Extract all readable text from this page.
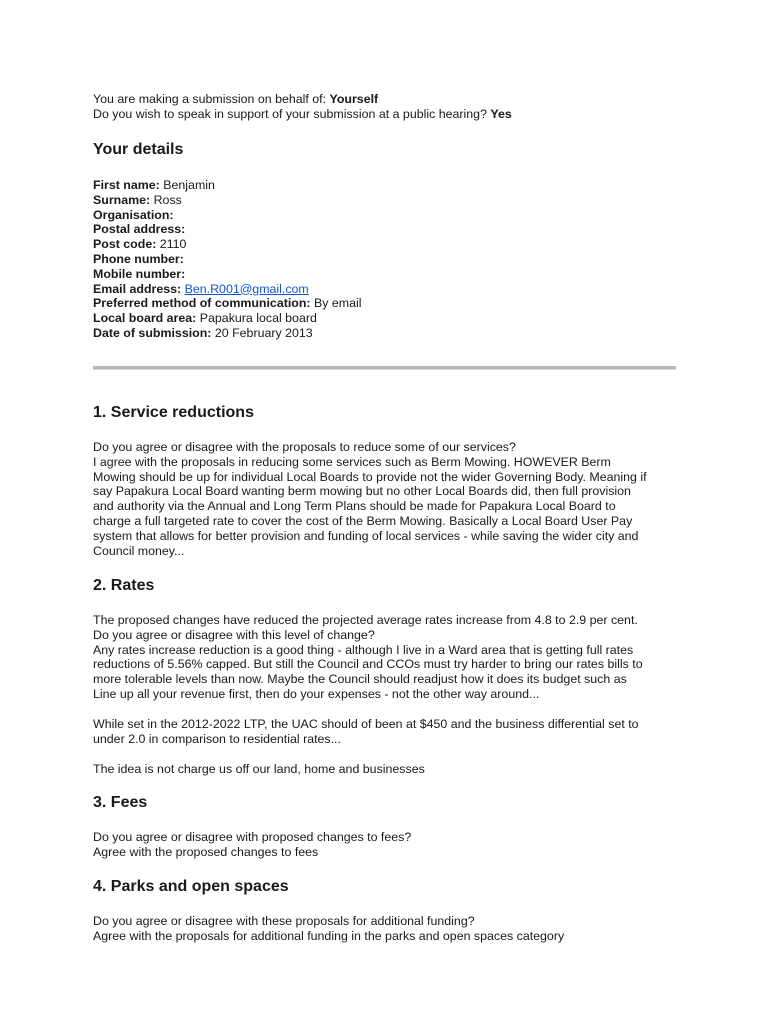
You are making a submission on behalf of: Yourself
Do you wish to speak in support of your submission at a public hearing? Yes
Your details
First name: Benjamin
Surname: Ross
Organisation:
Postal address:
Post code: 2110
Phone number:
Mobile number:
Email address: Ben.R001@gmail.com
Preferred method of communication: By email
Local board area: Papakura local board
Date of submission: 20 February 2013
1. Service reductions
Do you agree or disagree with the proposals to reduce some of our services?
I agree with the proposals in reducing some services such as Berm Mowing. HOWEVER Berm
Mowing should be up for individual Local Boards to provide not the wider Governing Body. Meaning if
say Papakura Local Board wanting berm mowing but no other Local Boards did, then full provision
and authority via the Annual and Long Term Plans should be made for Papakura Local Board to
charge a full targeted rate to cover the cost of the Berm Mowing. Basically a Local Board User Pay
system that allows for better provision and funding of local services - while saving the wider city and
Council money...
2. Rates
The proposed changes have reduced the projected average rates increase from 4.8 to 2.9 per cent.
Do you agree or disagree with this level of change?
Any rates increase reduction is a good thing - although I live in a Ward area that is getting full rates
reductions of 5.56% capped. But still the Council and CCOs must try harder to bring our rates bills to
more tolerable levels than now. Maybe the Council should readjust how it does its budget such as
Line up all your revenue first, then do your expenses - not the other way around...
While set in the 2012-2022 LTP, the UAC should of been at $450 and the business differential set to
under 2.0 in comparison to residential rates...
The idea is not charge us off our land, home and businesses
3. Fees
Do you agree or disagree with proposed changes to fees?
Agree with the proposed changes to fees
4. Parks and open spaces
Do you agree or disagree with these proposals for additional funding?
Agree with the proposals for additional funding in the parks and open spaces category
